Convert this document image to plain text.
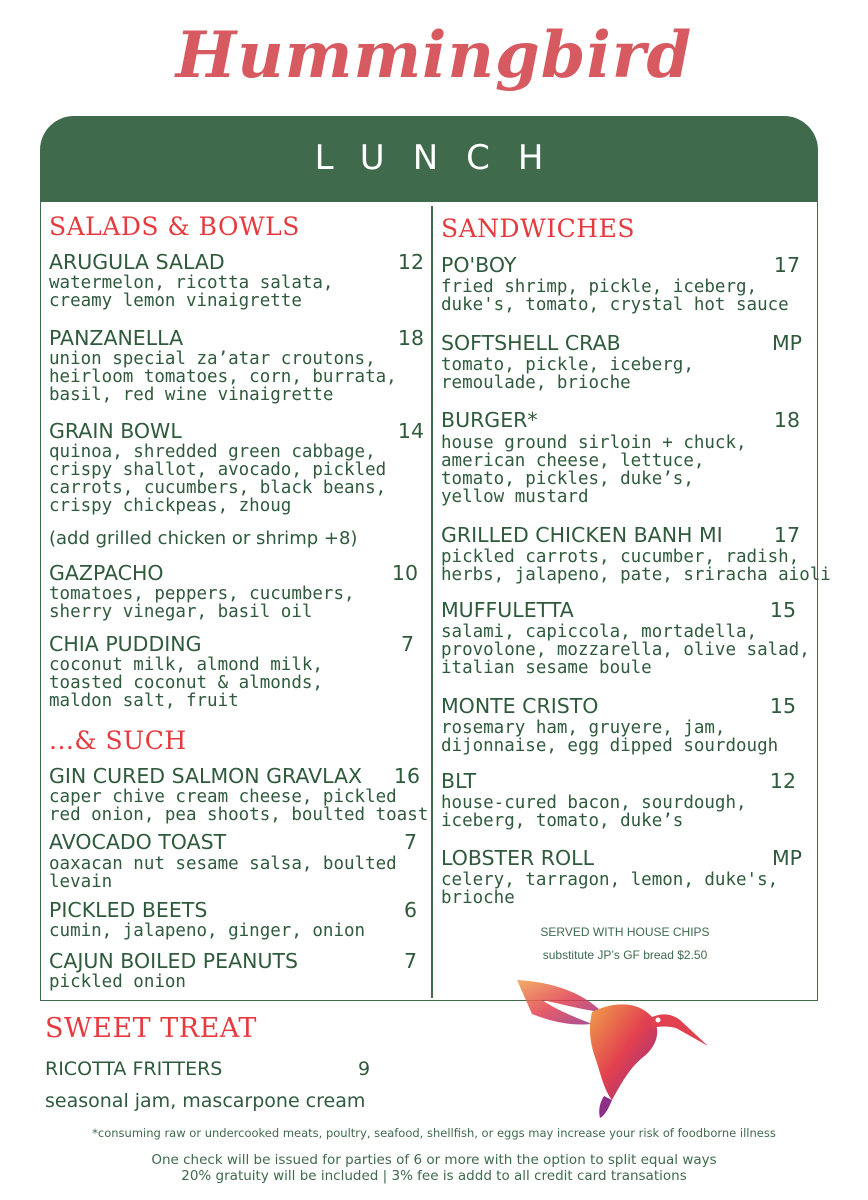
Hummingbird
LUNCH
SALADS & BOWLS
ARUGULA SALAD	12
watermelon, ricotta salata,
creamy lemon vinaigrette
PANZANELLA	18
union special za’atar croutons,
heirloom tomatoes, corn, burrata,
basil, red wine vinaigrette
GRAIN BOWL	14
quinoa, shredded green cabbage,
crispy shallot, avocado, pickled
carrots, cucumbers, black beans,
crispy chickpeas, zhoug
(add grilled chicken or shrimp +8)
GAZPACHO	10
tomatoes, peppers, cucumbers,
sherry vinegar, basil oil
CHIA PUDDING	7
coconut milk, almond milk,
toasted coconut & almonds,
maldon salt, fruit
...& SUCH
GIN CURED SALMON GRAVLAX	16
caper chive cream cheese, pickled
red onion, pea shoots, boulted toast
AVOCADO TOAST	7
oaxacan nut sesame salsa, boulted
levain
PICKLED BEETS	6
cumin, jalapeno, ginger, onion
CAJUN BOILED PEANUTS	7
pickled onion
SANDWICHES
PO'BOY	17
fried shrimp, pickle, iceberg,
duke's, tomato, crystal hot sauce
SOFTSHELL CRAB	MP
tomato, pickle, iceberg,
remoulade, brioche
BURGER*	18
house ground sirloin + chuck,
american cheese, lettuce,
tomato, pickles, duke’s,
yellow mustard
GRILLED CHICKEN BANH MI	17
pickled carrots, cucumber, radish,
herbs, jalapeno, pate, sriracha aioli
MUFFULETTA	15
salami, capiccola, mortadella,
provolone, mozzarella, olive salad,
italian sesame boule
MONTE CRISTO	15
rosemary ham, gruyere, jam,
dijonnaise, egg dipped sourdough
BLT	12
house-cured bacon, sourdough,
iceberg, tomato, duke’s
LOBSTER ROLL	MP
celery, tarragon, lemon, duke's,
brioche
SERVED WITH HOUSE CHIPS
substitute JP’s GF bread $2.50
SWEET TREAT
RICOTTA FRITTERS	9
seasonal jam, mascarpone cream
*consuming raw or undercooked meats, poultry, seafood, shellfish, or eggs may increase your risk of foodborne illness
One check will be issued for parties of 6 or more with the option to split equal ways
20% gratuity will be included | 3% fee is addd to all credit card transations
